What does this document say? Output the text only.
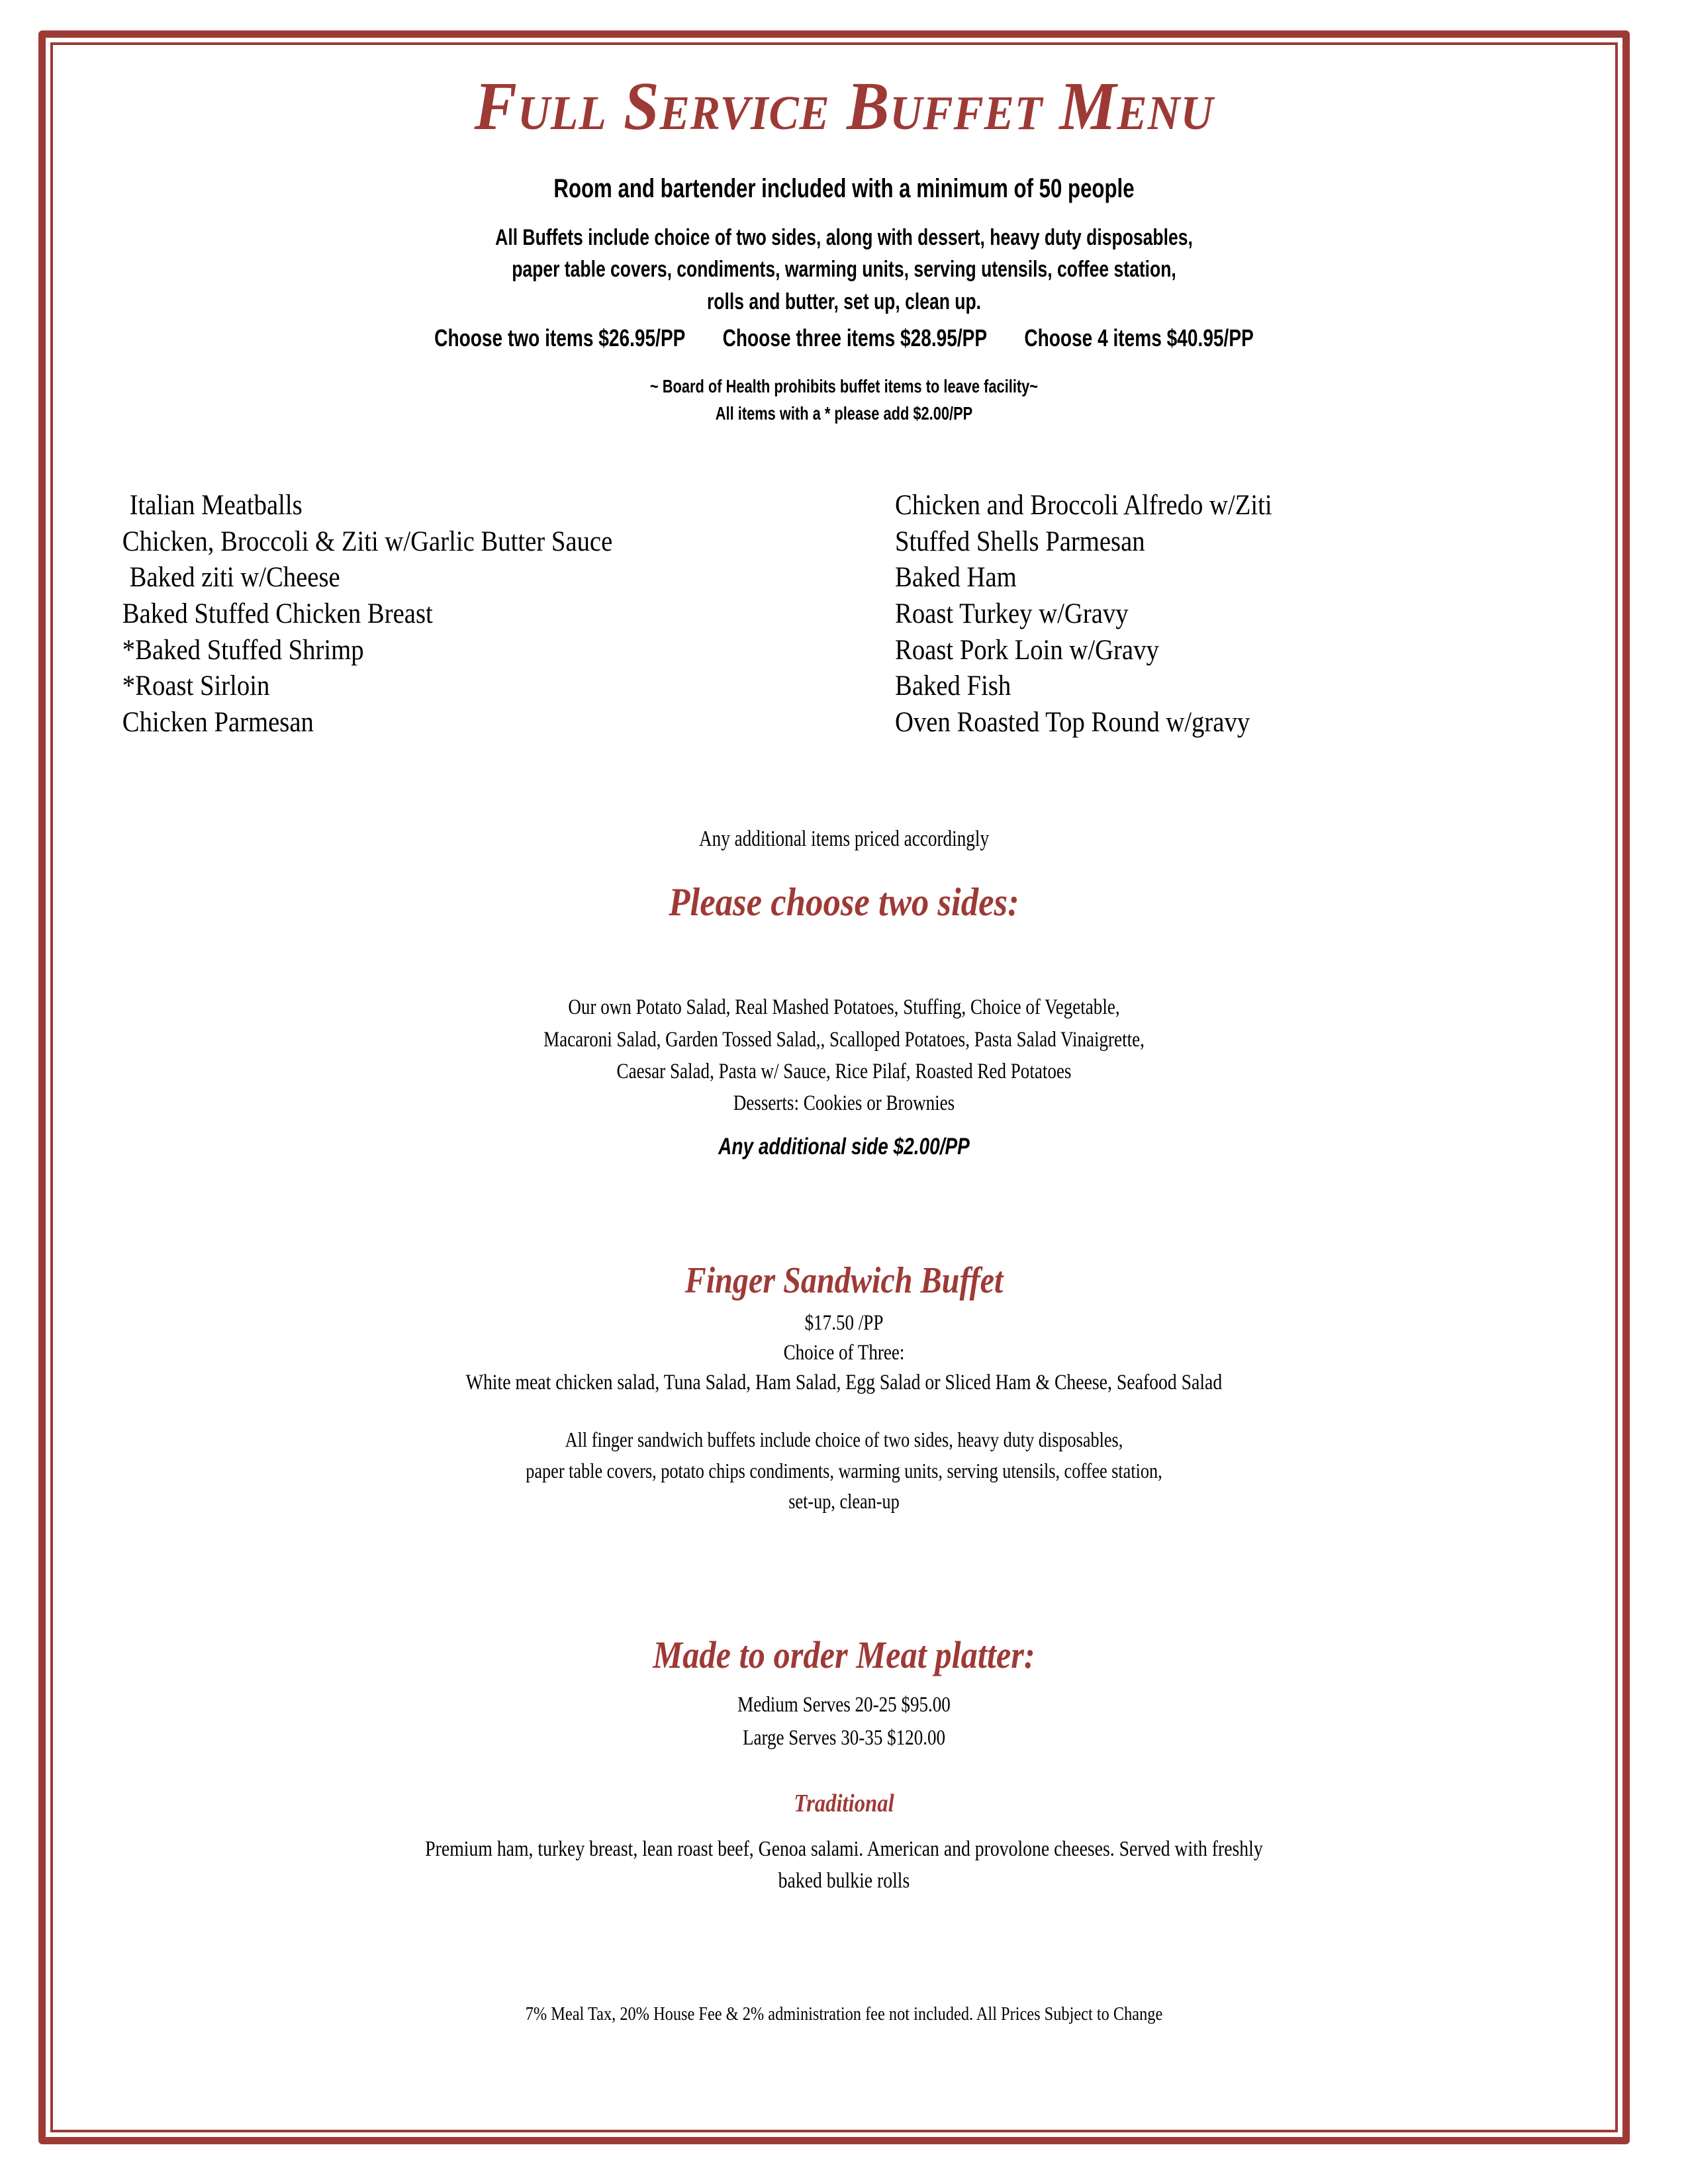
Full Service Buffet Menu
Room and bartender included with a minimum of 50 people
All Buffets include choice of two sides, along with dessert, heavy duty disposables,
paper table covers, condiments, warming units, serving utensils, coffee station,
rolls and butter, set up, clean up.
Choose two items $26.95/PP Choose three items $28.95/PP Choose 4 items $40.95/PP
~ Board of Health prohibits buffet items to leave facility~
All items with a * please add $2.00/PP
Italian Meatballs
Chicken, Broccoli & Ziti w/Garlic Butter Sauce
Baked ziti w/Cheese
Baked Stuffed Chicken Breast
*Baked Stuffed Shrimp
*Roast Sirloin
Chicken Parmesan
Chicken and Broccoli Alfredo w/Ziti
Stuffed Shells Parmesan
Baked Ham
Roast Turkey w/Gravy
Roast Pork Loin w/Gravy
Baked Fish
Oven Roasted Top Round w/gravy
Any additional items priced accordingly
Please choose two sides:
Our own Potato Salad, Real Mashed Potatoes, Stuffing, Choice of Vegetable,
Macaroni Salad, Garden Tossed Salad,, Scalloped Potatoes, Pasta Salad Vinaigrette,
Caesar Salad, Pasta w/ Sauce, Rice Pilaf, Roasted Red Potatoes
Desserts: Cookies or Brownies
Any additional side $2.00/PP
Finger Sandwich Buffet
$17.50 /PP
Choice of Three:
White meat chicken salad, Tuna Salad, Ham Salad, Egg Salad or Sliced Ham & Cheese, Seafood Salad
All finger sandwich buffets include choice of two sides, heavy duty disposables,
paper table covers, potato chips condiments, warming units, serving utensils, coffee station,
set-up, clean-up
Made to order Meat platter:
Medium Serves 20-25 $95.00
Large Serves 30-35 $120.00
Traditional
Premium ham, turkey breast, lean roast beef, Genoa salami. American and provolone cheeses. Served with freshly
baked bulkie rolls
7% Meal Tax, 20% House Fee & 2% administration fee not included. All Prices Subject to Change
